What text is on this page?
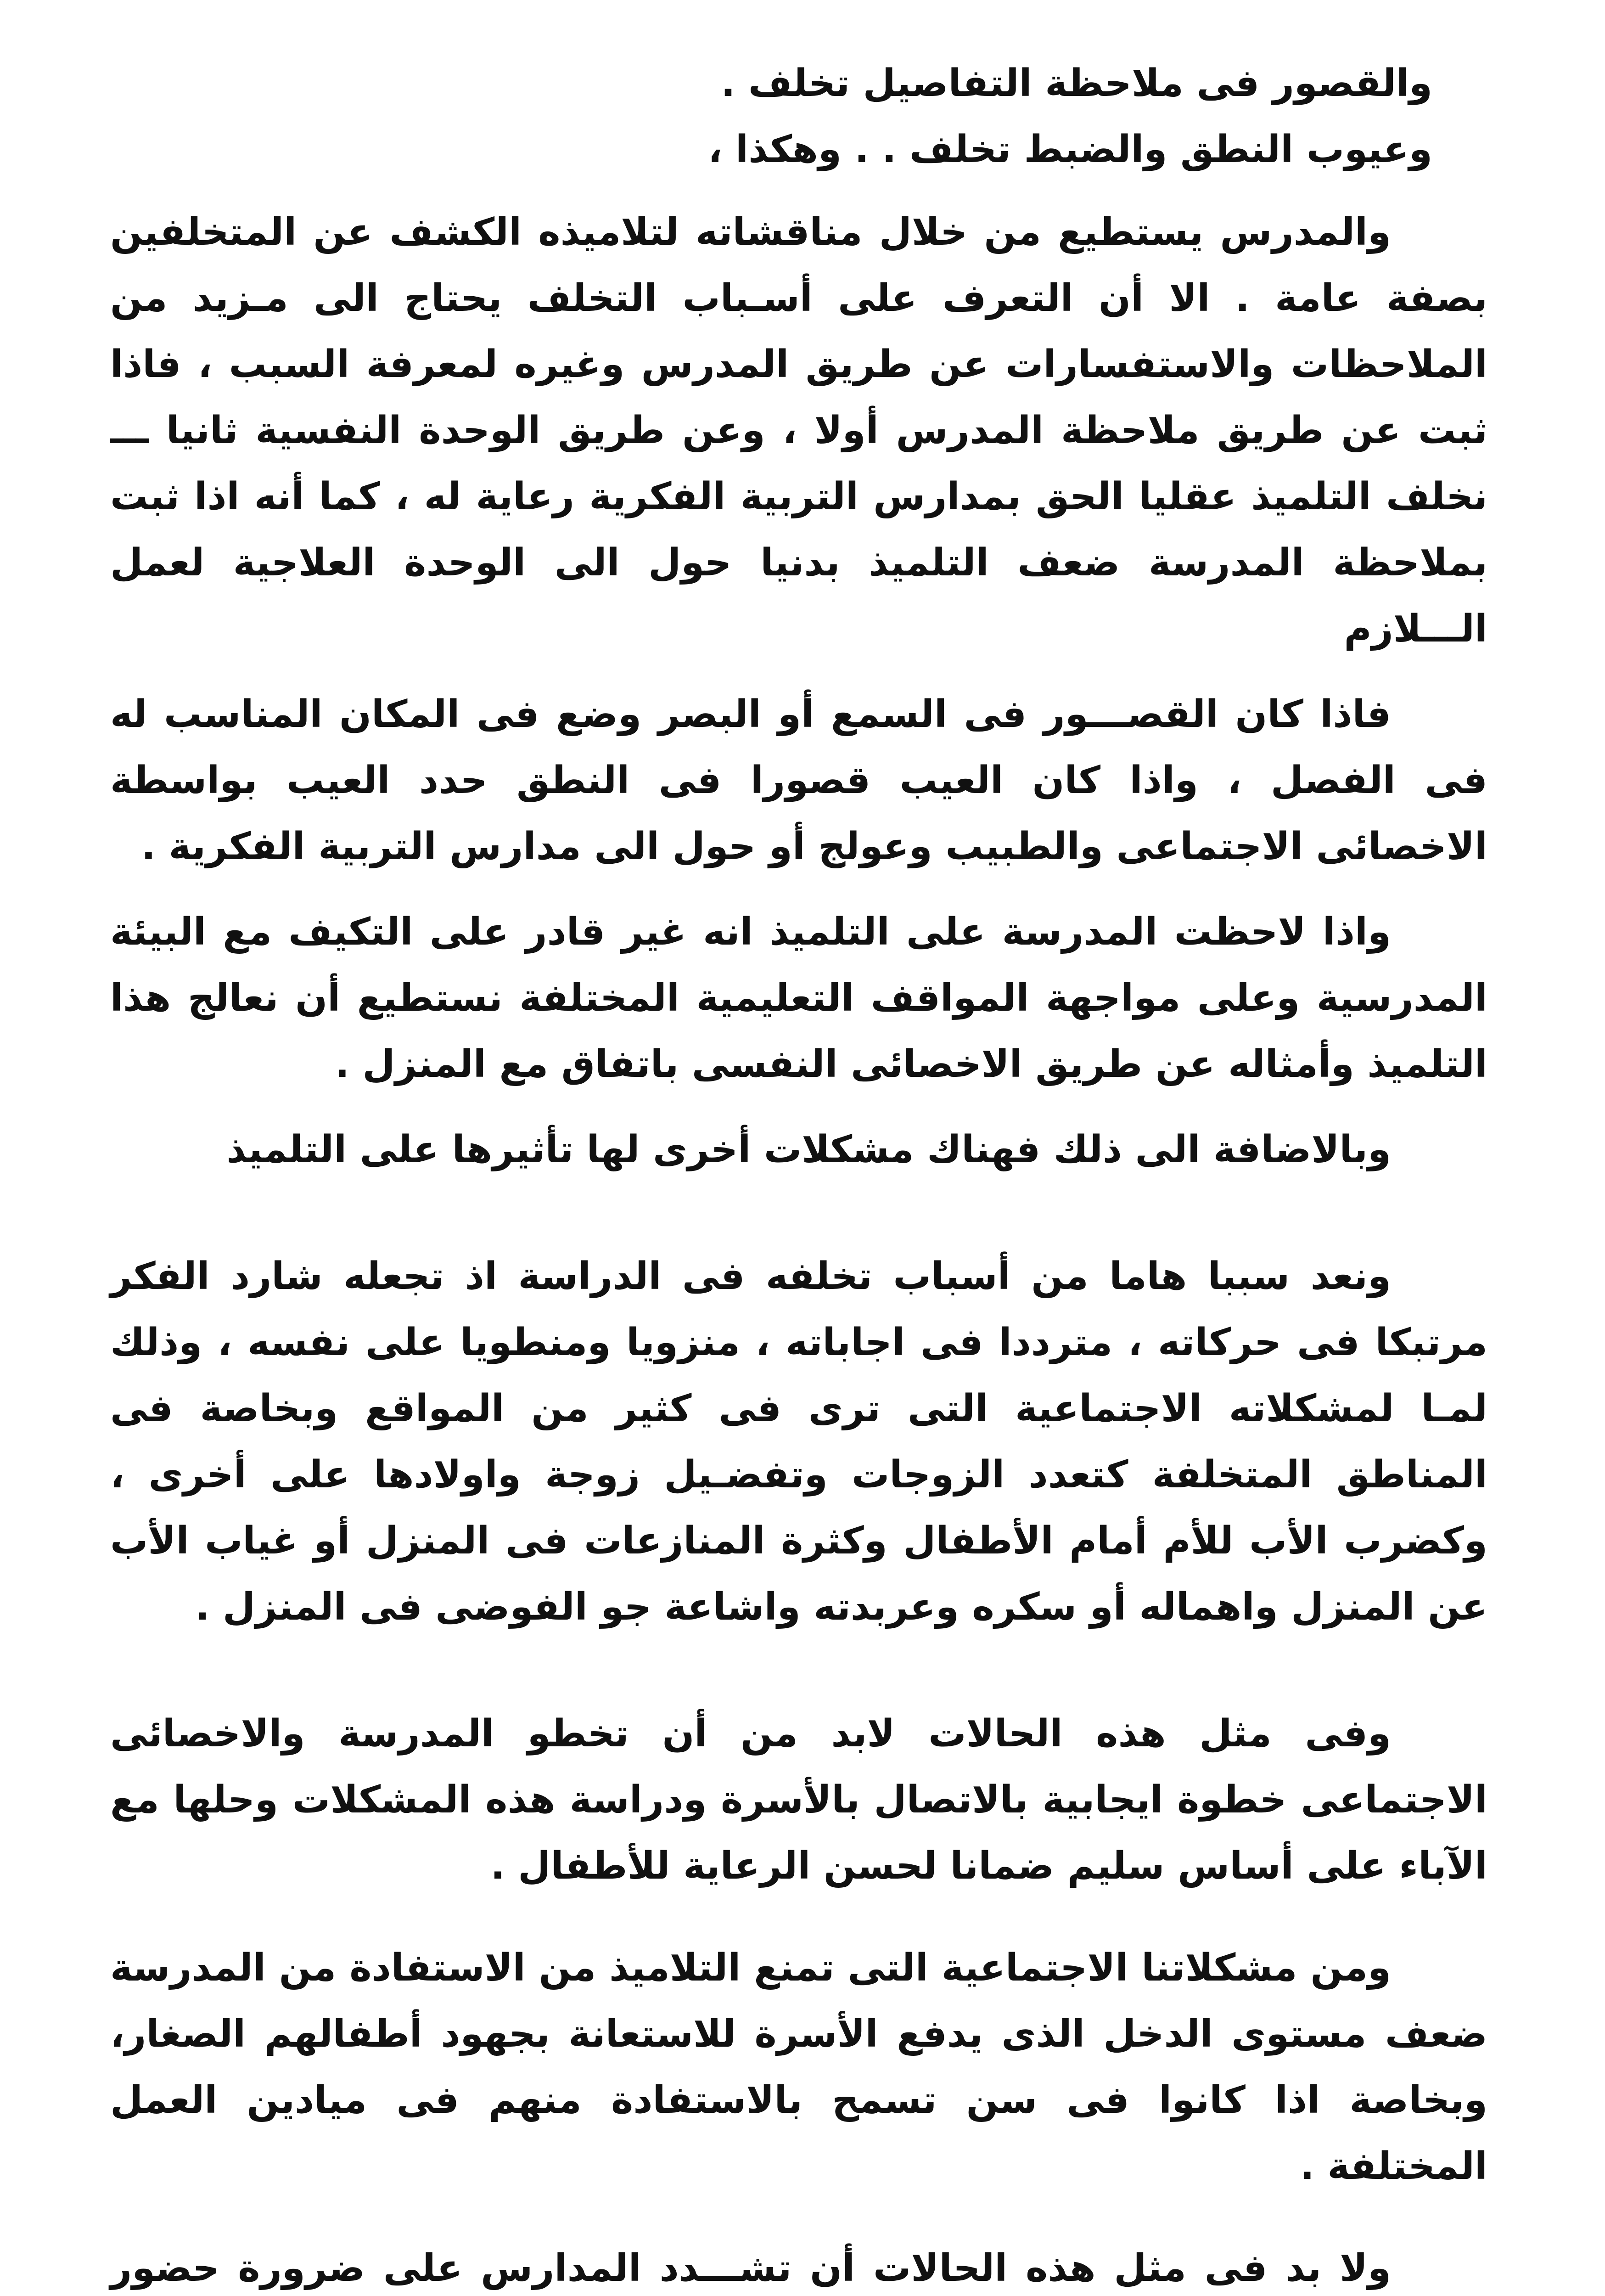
والقصور فى ملاحظة التفاصيل تخلف .

وعيوب النطق والضبط تخلف . . وهكذا ،

والمدرس يستطيع من خلال مناقشاته لتلاميذه الكشف عن المتخلفين بصفة عامة . الا أن التعرف على أسـباب التخلف يحتاج الى مـزيد من الملاحظات والاستفسارات عن طريق المدرس وغيره لمعرفة السبب ، فاذا ثبت عن طريق ملاحظة المدرس أولا ، وعن طريق الوحدة النفسية ثانيا ـــ نخلف التلميذ عقليا الحق بمدارس التربية الفكرية رعاية له ، كما أنه اذا ثبت بملاحظة المدرسة ضعف التلميذ بدنيا حول الى الوحدة العلاجية لعمل الـــلازم

فاذا كان القصـــور فى السمع أو البصر وضع فى المكان المناسب له فى الفصل ، واذا كان العيب قصورا فى النطق حدد العيب بواسطة الاخصائى الاجتماعى والطبيب وعولج أو حول الى مدارس التربية الفكرية .

واذا لاحظت المدرسة على التلميذ انه غير قادر على التكيف مع البيئة المدرسية وعلى مواجهة المواقف التعليمية المختلفة نستطيع أن نعالج هذا التلميذ وأمثاله عن طريق الاخصائى النفسى باتفاق مع المنزل .

وبالاضافة الى ذلك فهناك مشكلات أخرى لها تأثيرها على التلميذ

ونعد سببا هاما من أسباب تخلفه فى الدراسة اذ تجعله شارد الفكر مرتبكا فى حركاته ، مترددا فى اجاباته ، منزويا ومنطويا على نفسه ، وذلك لمـا لمشكلاته الاجتماعية التى ترى فى كثير من المواقع وبخاصة فى المناطق المتخلفة كتعدد الزوجات وتفضـيل زوجة واولادها على أخرى ، وكضرب الأب للأم أمام الأطفال وكثرة المنازعات فى المنزل أو غياب الأب عن المنزل واهماله أو سكره وعربدته واشاعة جو الفوضى فى المنزل .

وفى مثل هذه الحالات لابد من أن تخطو المدرسة والاخصائى الاجتماعى خطوة ايجابية بالاتصال بالأسرة ودراسة هذه المشكلات وحلها مع الآباء على أساس سليم ضمانا لحسن الرعاية للأطفال .

ومن مشكلاتنا الاجتماعية التى تمنع التلاميذ من الاستفادة من المدرسة ضعف مستوى الدخل الذى يدفع الأسرة للاستعانة بجهود أطفالهم الصغار، وبخاصة اذا كانوا فى سن تسمح بالاستفادة منهم فى ميادين العمل المختلفة .

ولا بد فى مثل هذه الحالات أن تشـــدد المدارس على ضرورة حضور
